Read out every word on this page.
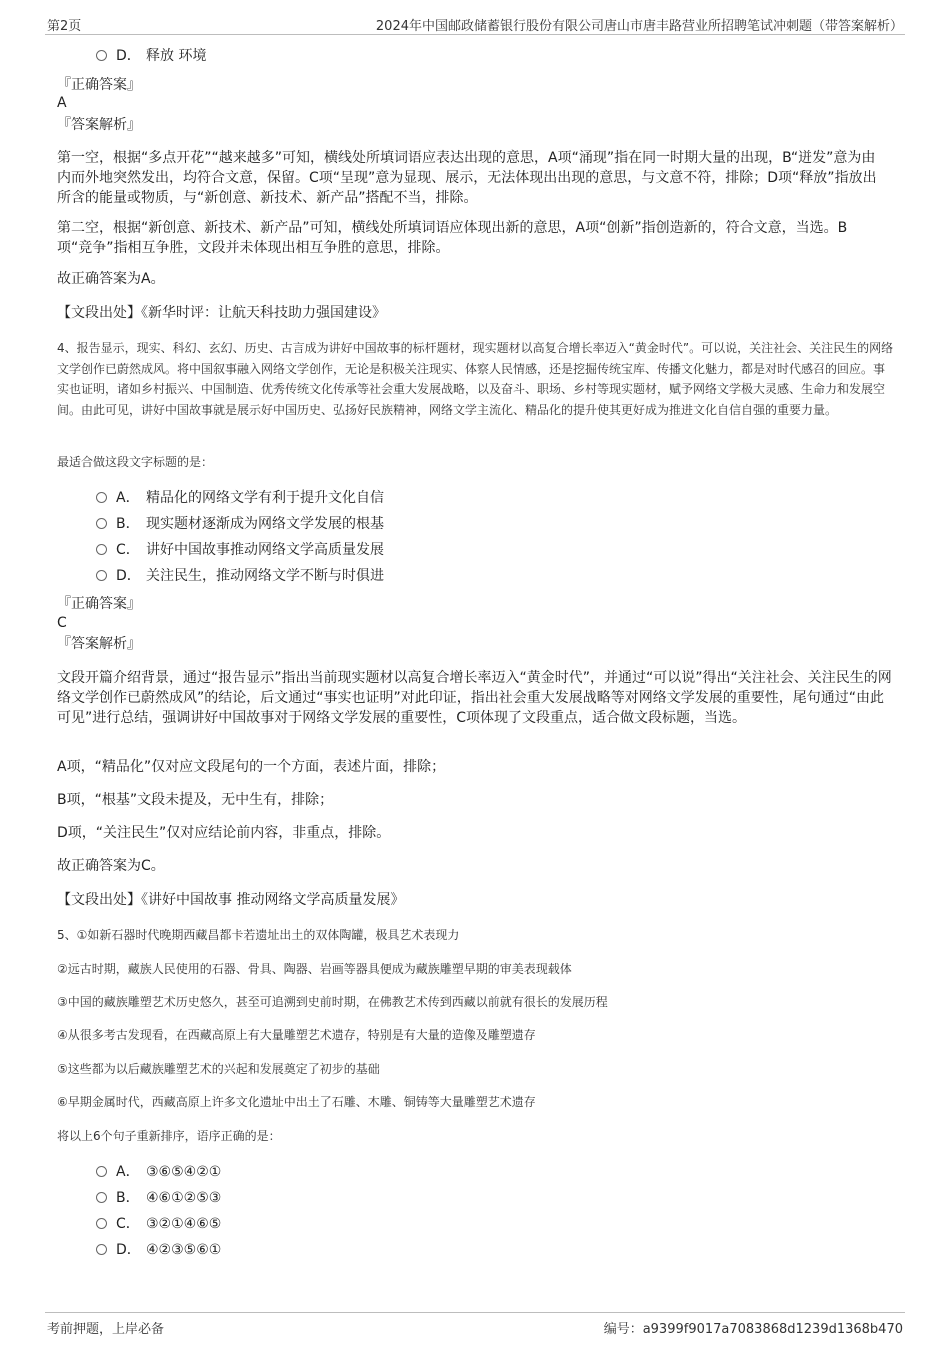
第2页	2024年中国邮政储蓄银行股份有限公司唐山市唐丰路营业所招聘笔试冲刺题（带答案解析）
D． 释放 环境
『正确答案』
A
『答案解析』
第一空，根据“多点开花”“越来越多”可知，横线处所填词语应表达出现的意思，A项“涌现”指在同一时期大量的出现，B“迸发”意为由内而外地突然发出，均符合文意，保留。C项“呈现”意为显现、展示，无法体现出出现的意思，与文意不符，排除；D项“释放”指放出所含的能量或物质，与“新创意、新技术、新产品”搭配不当，排除。
第二空，根据“新创意、新技术、新产品”可知，横线处所填词语应体现出新的意思，A项“创新”指创造新的，符合文意，当选。B项“竞争”指相互争胜，文段并未体现出相互争胜的意思，排除。
故正确答案为A。
【文段出处】《新华时评：让航天科技助力强国建设》
4、报告显示，现实、科幻、玄幻、历史、古言成为讲好中国故事的标杆题材，现实题材以高复合增长率迈入“黄金时代”。可以说，关注社会、关注民生的网络文学创作已蔚然成风。将中国叙事融入网络文学创作，无论是积极关注现实、体察人民情感，还是挖掘传统宝库、传播文化魅力，都是对时代感召的回应。事实也证明，诸如乡村振兴、中国制造、优秀传统文化传承等社会重大发展战略，以及奋斗、职场、乡村等现实题材，赋予网络文学极大灵感、生命力和发展空间。由此可见，讲好中国故事就是展示好中国历史、弘扬好民族精神，网络文学主流化、精品化的提升使其更好成为推进文化自信自强的重要力量。
最适合做这段文字标题的是：
A． 精品化的网络文学有利于提升文化自信
B． 现实题材逐渐成为网络文学发展的根基
C． 讲好中国故事推动网络文学高质量发展
D． 关注民生，推动网络文学不断与时俱进
『正确答案』
C
『答案解析』
文段开篇介绍背景，通过“报告显示”指出当前现实题材以高复合增长率迈入“黄金时代”，并通过“可以说”得出“关注社会、关注民生的网络文学创作已蔚然成风”的结论，后文通过“事实也证明”对此印证，指出社会重大发展战略等对网络文学发展的重要性，尾句通过“由此可见”进行总结，强调讲好中国故事对于网络文学发展的重要性，C项体现了文段重点，适合做文段标题，当选。
A项，“精品化”仅对应文段尾句的一个方面，表述片面，排除；
B项，“根基”文段未提及，无中生有，排除；
D项，“关注民生”仅对应结论前内容，非重点，排除。
故正确答案为C。
【文段出处】《讲好中国故事 推动网络文学高质量发展》
5、①如新石器时代晚期西藏昌都卡若遗址出土的双体陶罐，极具艺术表现力
②远古时期，藏族人民使用的石器、骨具、陶器、岩画等器具便成为藏族雕塑早期的审美表现载体
③中国的藏族雕塑艺术历史悠久，甚至可追溯到史前时期，在佛教艺术传到西藏以前就有很长的发展历程
④从很多考古发现看，在西藏高原上有大量雕塑艺术遗存，特别是有大量的造像及雕塑遗存
⑤这些都为以后藏族雕塑艺术的兴起和发展奠定了初步的基础
⑥早期金属时代，西藏高原上许多文化遗址中出土了石雕、木雕、铜铸等大量雕塑艺术遗存
将以上6个句子重新排序，语序正确的是：
A． ③⑥⑤④②①
B． ④⑥①②⑤③
C． ③②①④⑥⑤
D． ④②③⑤⑥①
考前押题，上岸必备	编号：a9399f9017a7083868d1239d1368b470
